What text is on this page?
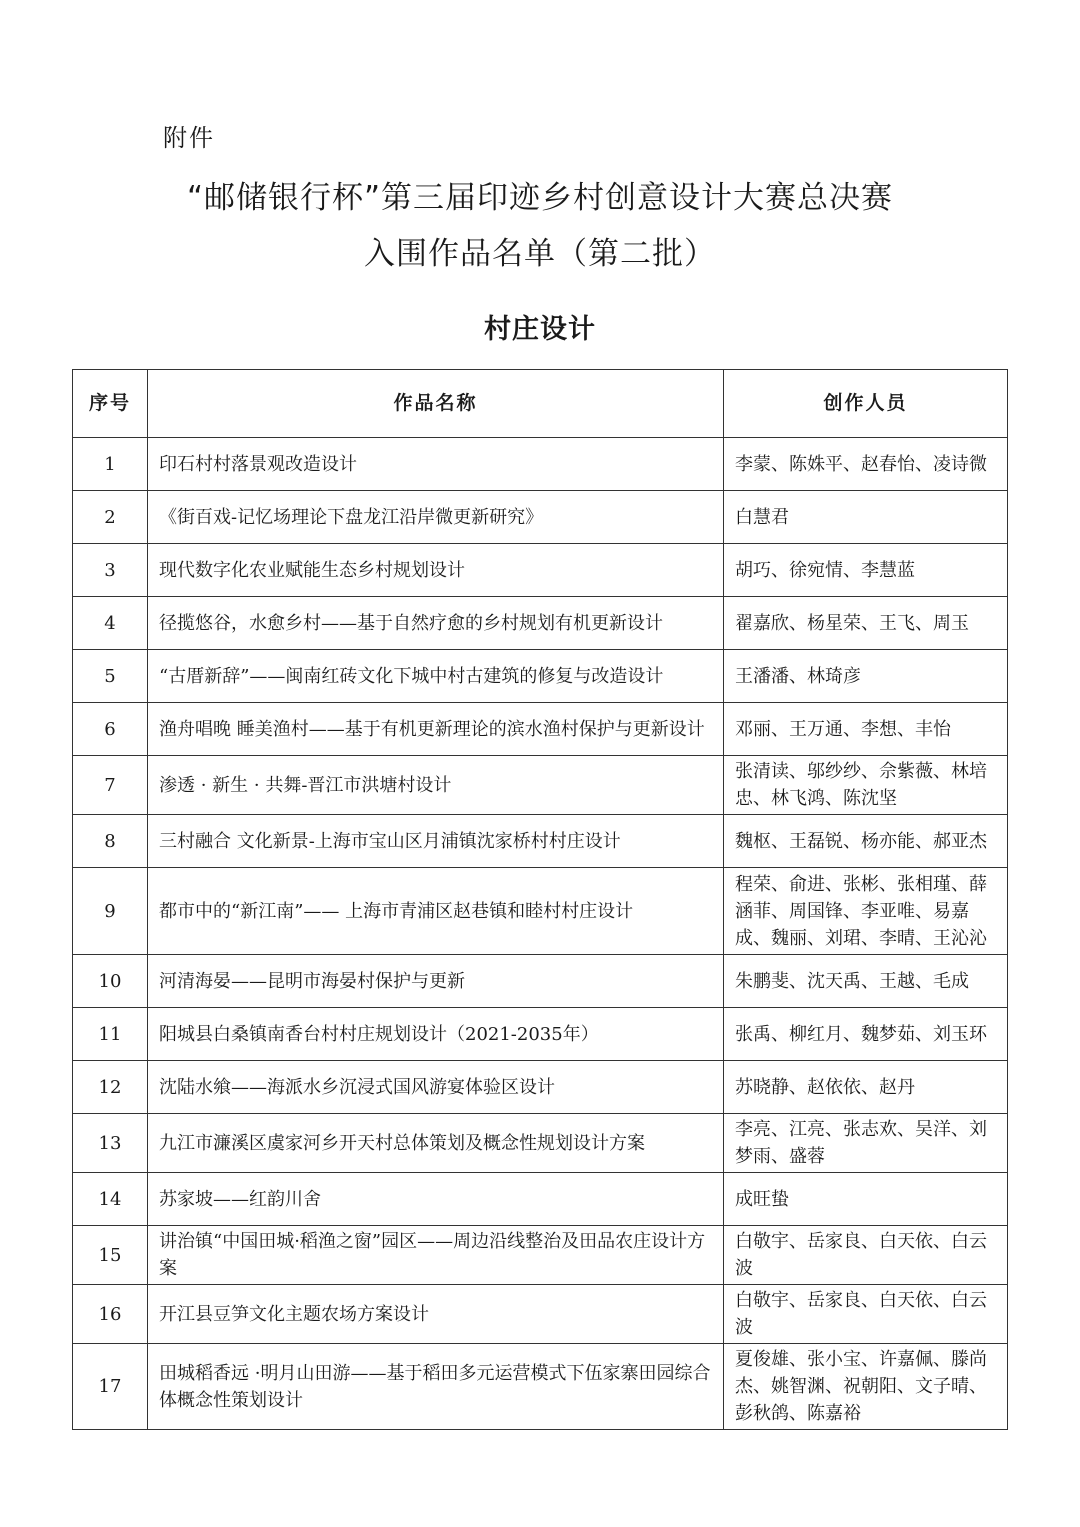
附件
“邮储银行杯”第三届印迹乡村创意设计大赛总决赛
入围作品名单（第二批）
村庄设计
序号	作品名称	创作人员
1	印石村村落景观改造设计	李蒙、陈姝平、赵春怡、凌诗微
2	《街百戏-记忆场理论下盘龙江沿岸微更新研究》	白慧君
3	现代数字化农业赋能生态乡村规划设计	胡巧、徐宛情、李慧蓝
4	径揽悠谷，水愈乡村——基于自然疗愈的乡村规划有机更新设计	翟嘉欣、杨星荣、王飞、周玉
5	“古厝新辞”——闽南红砖文化下城中村古建筑的修复与改造设计	王潘潘、林琦彦
6	渔舟唱晚 睡美渔村——基于有机更新理论的滨水渔村保护与更新设计	邓丽、王万通、李想、丰怡
7	渗透 · 新生 · 共舞-晋江市洪塘村设计	张清读、邬纱纱、佘紫薇、林培忠、林飞鸿、陈沈坚
8	三村融合 文化新景-上海市宝山区月浦镇沈家桥村村庄设计	魏枢、王磊锐、杨亦能、郝亚杰
9	都市中的“新江南”—— 上海市青浦区赵巷镇和睦村村庄设计	程荣、俞进、张彬、张相瑾、薛涵菲、周国锋、李亚唯、易嘉成、魏丽、刘珺、李晴、王沁沁
10	河清海晏——昆明市海晏村保护与更新	朱鹏斐、沈天禹、王越、毛成
11	阳城县白桑镇南香台村村庄规划设计（2021-2035年）	张禹、柳红月、魏梦茹、刘玉环
12	沈陆水飨——海派水乡沉浸式国风游宴体验区设计	苏晓静、赵依依、赵丹
13	九江市濂溪区虞家河乡开天村总体策划及概念性规划设计方案	李亮、江亮、张志欢、吴洋、刘梦雨、盛蓉
14	苏家坡——红韵川舍	成旺蛰
15	讲治镇“中国田城·稻渔之窗”园区——周边沿线整治及田品农庄设计方案	白敬宇、岳家良、白天依、白云波
16	开江县豆笋文化主题农场方案设计	白敬宇、岳家良、白天依、白云波
17	田城稻香远 ·明月山田游——基于稻田多元运营模式下伍家寨田园综合体概念性策划设计	夏俊雄、张小宝、许嘉佩、滕尚杰、姚智渊、祝朝阳、文子晴、彭秋鸽、陈嘉裕
